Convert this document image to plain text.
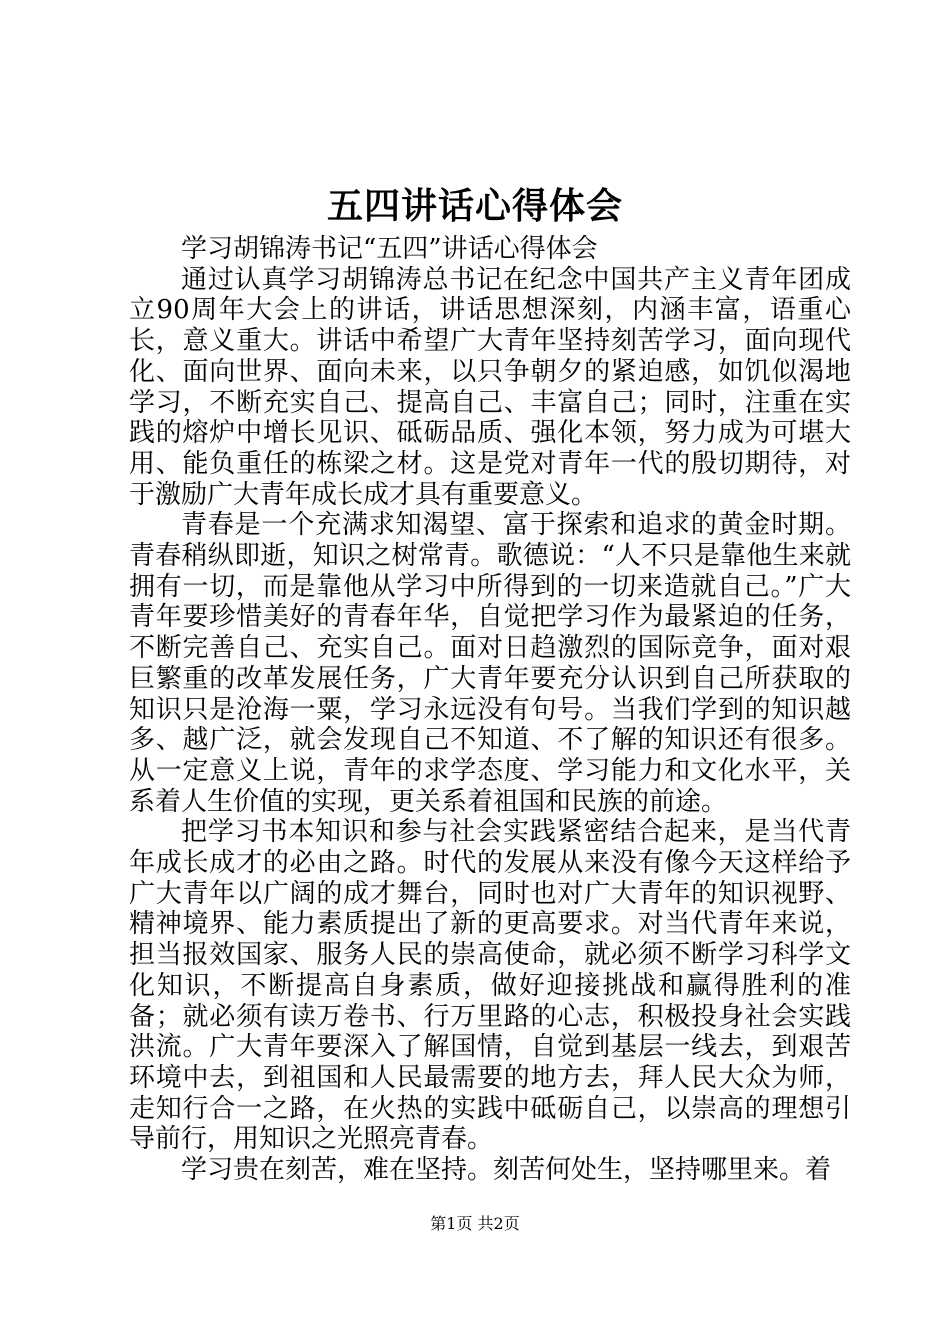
五四讲话心得体会

学习胡锦涛书记“五四”讲话心得体会

通过认真学习胡锦涛总书记在纪念中国共产主义青年团成立90周年大会上的讲话，讲话思想深刻，内涵丰富，语重心长，意义重大。讲话中希望广大青年坚持刻苦学习，面向现代化、面向世界、面向未来，以只争朝夕的紧迫感，如饥似渴地学习，不断充实自己、提高自己、丰富自己；同时，注重在实践的熔炉中增长见识、砥砺品质、强化本领，努力成为可堪大用、能负重任的栋梁之材。这是党对青年一代的殷切期待，对于激励广大青年成长成才具有重要意义。

青春是一个充满求知渴望、富于探索和追求的黄金时期。青春稍纵即逝，知识之树常青。歌德说：“人不只是靠他生来就拥有一切，而是靠他从学习中所得到的一切来造就自己。”广大青年要珍惜美好的青春年华，自觉把学习作为最紧迫的任务，不断完善自己、充实自己。面对日趋激烈的国际竞争，面对艰巨繁重的改革发展任务，广大青年要充分认识到自己所获取的知识只是沧海一粟，学习永远没有句号。当我们学到的知识越多、越广泛，就会发现自己不知道、不了解的知识还有很多。从一定意义上说，青年的求学态度、学习能力和文化水平，关系着人生价值的实现，更关系着祖国和民族的前途。

把学习书本知识和参与社会实践紧密结合起来，是当代青年成长成才的必由之路。时代的发展从来没有像今天这样给予广大青年以广阔的成才舞台，同时也对广大青年的知识视野、精神境界、能力素质提出了新的更高要求。对当代青年来说，担当报效国家、服务人民的崇高使命，就必须不断学习科学文化知识，不断提高自身素质，做好迎接挑战和赢得胜利的准备；就必须有读万卷书、行万里路的心志，积极投身社会实践洪流。广大青年要深入了解国情，自觉到基层一线去，到艰苦环境中去，到祖国和人民最需要的地方去，拜人民大众为师，走知行合一之路，在火热的实践中砥砺自己，以崇高的理想引导前行，用知识之光照亮青春。

学习贵在刻苦，难在坚持。刻苦何处生，坚持哪里来。着

第1页 共2页
